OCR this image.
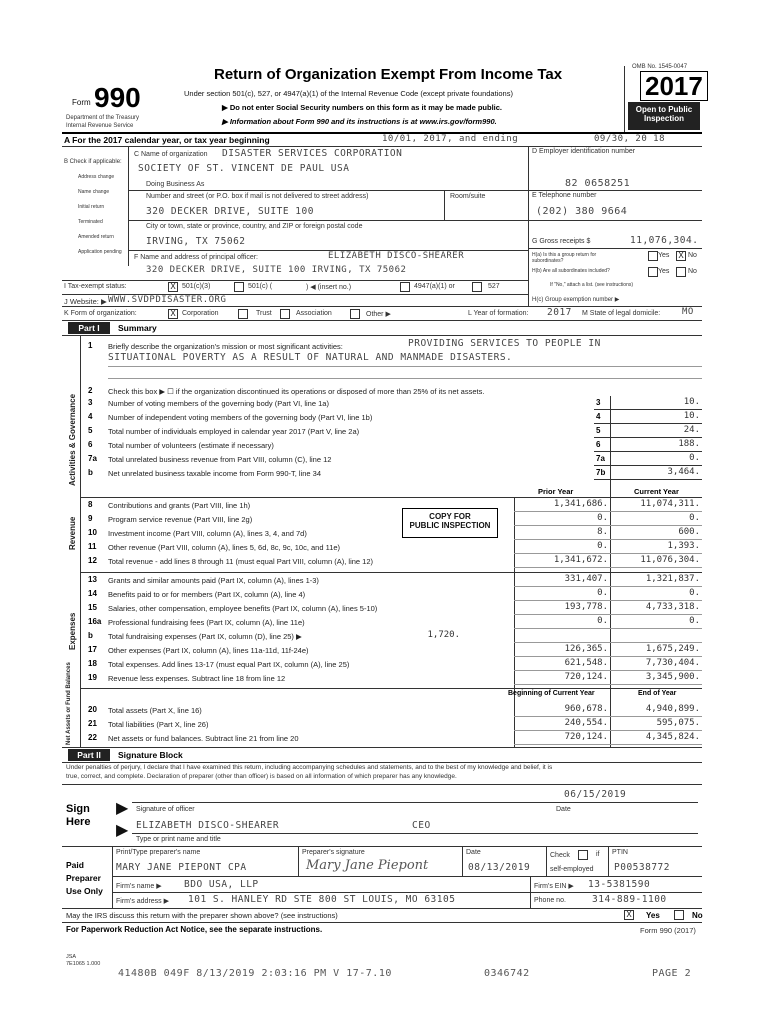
Form 990
Department of the Treasury
Internal Revenue Service
Return of Organization Exempt From Income Tax
Under section 501(c), 527, or 4947(a)(1) of the Internal Revenue Code (except private foundations)
▶ Do not enter Social Security numbers on this form as it may be made public.
▶ Information about Form 990 and its instructions is at www.irs.gov/form990.
OMB No. 1545-0047
2017
Open to Public
Inspection
A For the 2017 calendar year, or tax year beginning	10/01, 2017, and ending	09/30, 20 18
B Check if applicable:
Address change
Name change
Initial return
Terminated
Amended return
Application pending
C Name of organization DISASTER SERVICES CORPORATION
SOCIETY OF ST. VINCENT DE PAUL USA
Doing Business As
Number and street (or P.O. box if mail is not delivered to street address)	Room/suite
320 DECKER DRIVE, SUITE 100
City or town, state or province, country, and ZIP or foreign postal code
IRVING, TX 75062
F Name and address of principal officer:	ELIZABETH DISCO-SHEARER
320 DECKER DRIVE, SUITE 100 IRVING, TX 75062
D Employer identification number
82 0658251
E Telephone number
(202) 380 9664
G Gross receipts $	11,076,304.
H(a) Is this a group return for subordinates?
Yes X No
H(b) Are all subordinates included?	Yes	No
If "No," attach a list. (see instructions)
H(c) Group exemption number ▶
I Tax-exempt status:	X 501(c)(3)	501(c) (	) ◀ (insert no.)	4947(a)(1) or	527
J Website: ▶ WWW.SVDPDISASTER.ORG
K Form of organization:	X Corporation	Trust	Association	Other ▶	L Year of formation: 2017 M State of legal domicile: MO
Part I	Summary
Activities & Governance
Revenue
Expenses
Net Assets or Fund Balances
1 Briefly describe the organization's mission or most significant activities:	PROVIDING SERVICES TO PEOPLE IN
SITUATIONAL POVERTY AS A RESULT OF NATURAL AND MANMADE DISASTERS.
2 Check this box ▶ ☐ if the organization discontinued its operations or disposed of more than 25% of its net assets.
Prior Year	Current Year
COPY FOR
PUBLIC INSPECTION
Beginning of Current Year	End of Year
Part II	Signature Block
Under penalties of perjury, I declare that I have examined this return, including accompanying schedules and statements, and to the best of my knowledge and belief, it is
true, correct, and complete. Declaration of preparer (other than officer) is based on all information of which preparer has any knowledge.
Sign
Here
▶
06/15/2019
Signature of officer	Date
▶ ELIZABETH DISCO-SHEARER	CEO
Type or print name and title
Paid
Preparer
Use Only
Print/Type preparer's name	Preparer's signature	Date	Check	if
self-employed
PTIN
MARY JANE PIEPONT CPA	Mary Jane Piepont	08/13/2019	P00538772
Firm's name ▶ BDO USA, LLP	Firm's EIN ▶ 13-5381590
Firm's address ▶ 101 S. HANLEY RD STE 800 ST LOUIS, MO 63105	Phone no.	314-889-1100
May the IRS discuss this return with the preparer shown above? (see instructions)	X Yes	No
For Paperwork Reduction Act Notice, see the separate instructions.	Form 990 (2017)
JSA
7E1065 1.000
41480B 049F 8/13/2019 2:03:16 PM V 17-7.10	0346742	PAGE 2
3 Number of voting members of the governing body (Part VI, line 1a)	3	10.
4 Number of independent voting members of the governing body (Part VI, line 1b)	4	10.
5 Total number of individuals employed in calendar year 2017 (Part V, line 2a)	5	24.
6 Total number of volunteers (estimate if necessary)	6	188.
7a Total unrelated business revenue from Part VIII, column (C), line 12	7a	0.
b Net unrelated business taxable income from Form 990-T, line 34	7b	3,464.
8 Contributions and grants (Part VIII, line 1h)	1,341,686.	11,074,311.
9 Program service revenue (Part VIII, line 2g)	0.	0.
10 Investment income (Part VIII, column (A), lines 3, 4, and 7d)	8.	600.
11 Other revenue (Part VIII, column (A), lines 5, 6d, 8c, 9c, 10c, and 11e)	0.	1,393.
12 Total revenue - add lines 8 through 11 (must equal Part VIII, column (A), line 12)	1,341,672.	11,076,304.
13 Grants and similar amounts paid (Part IX, column (A), lines 1-3)	331,407.	1,321,837.
14 Benefits paid to or for members (Part IX, column (A), line 4)	0.	0.
15 Salaries, other compensation, employee benefits (Part IX, column (A), lines 5-10)	193,778.	4,733,318.
16a Professional fundraising fees (Part IX, column (A), line 11e)	0.	0.
b Total fundraising expenses (Part IX, column (D), line 25) ▶	1,720.
17 Other expenses (Part IX, column (A), lines 11a-11d, 11f-24e)	126,365.	1,675,249.
18 Total expenses. Add lines 13-17 (must equal Part IX, column (A), line 25)	621,548.	7,730,404.
19 Revenue less expenses. Subtract line 18 from line 12	720,124.	3,345,900.
20 Total assets (Part X, line 16)	960,678.	4,940,899.
21 Total liabilities (Part X, line 26)	240,554.	595,075.
22 Net assets or fund balances. Subtract line 21 from line 20	720,124.	4,345,824.
